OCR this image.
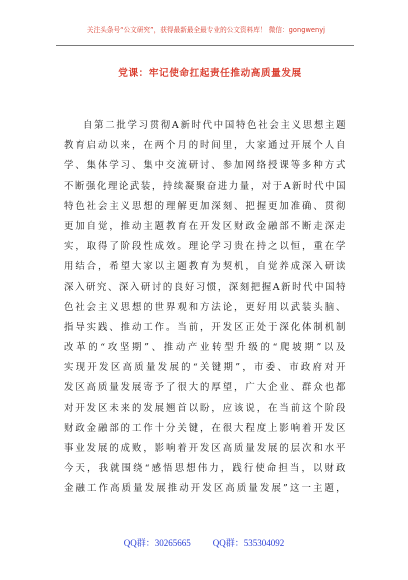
关注头条号“公文研究”，获得最新最全最专业的公文资料库！ 微信：gongwenyj
党课：牢记使命扛起责任推动高质量发展
自第二批学习贯彻A新时代中国特色社会主义思想主题
教育启动以来，在两个月的时间里，大家通过开展个人自
学、集体学习、集中交流研讨、参加网络授课等多种方式
不断强化理论武装，持续凝聚奋进力量，对于A新时代中国
特色社会主义思想的理解更加深刻、把握更加准确、贯彻
更加自觉，推动主题教育在开发区财政金融部不断走深走
实，取得了阶段性成效。理论学习贵在持之以恒，重在学
用结合，希望大家以主题教育为契机，自觉养成深入研读
深入研究、深入研讨的良好习惯，深刻把握A新时代中国特
色社会主义思想的世界观和方法论，更好用以武装头脑、
指导实践、推动工作。当前，开发区正处于深化体制机制
改革的“攻坚期”、推动产业转型升级的“爬坡期”以及
实现开发区高质量发展的“关键期”，市委、市政府对开
发区高质量发展寄予了很大的厚望，广大企业、群众也都
对开发区未来的发展翘首以盼，应该说，在当前这个阶段
财政金融部的工作十分关键，在很大程度上影响着开发区
事业发展的成败，影响着开发区高质量发展的层次和水平
今天，我就围绕“感悟思想伟力，践行使命担当，以财政
金融工作高质量发展推动开发区高质量发展”这一主题，
QQ群：30265665 QQ群：535304092
